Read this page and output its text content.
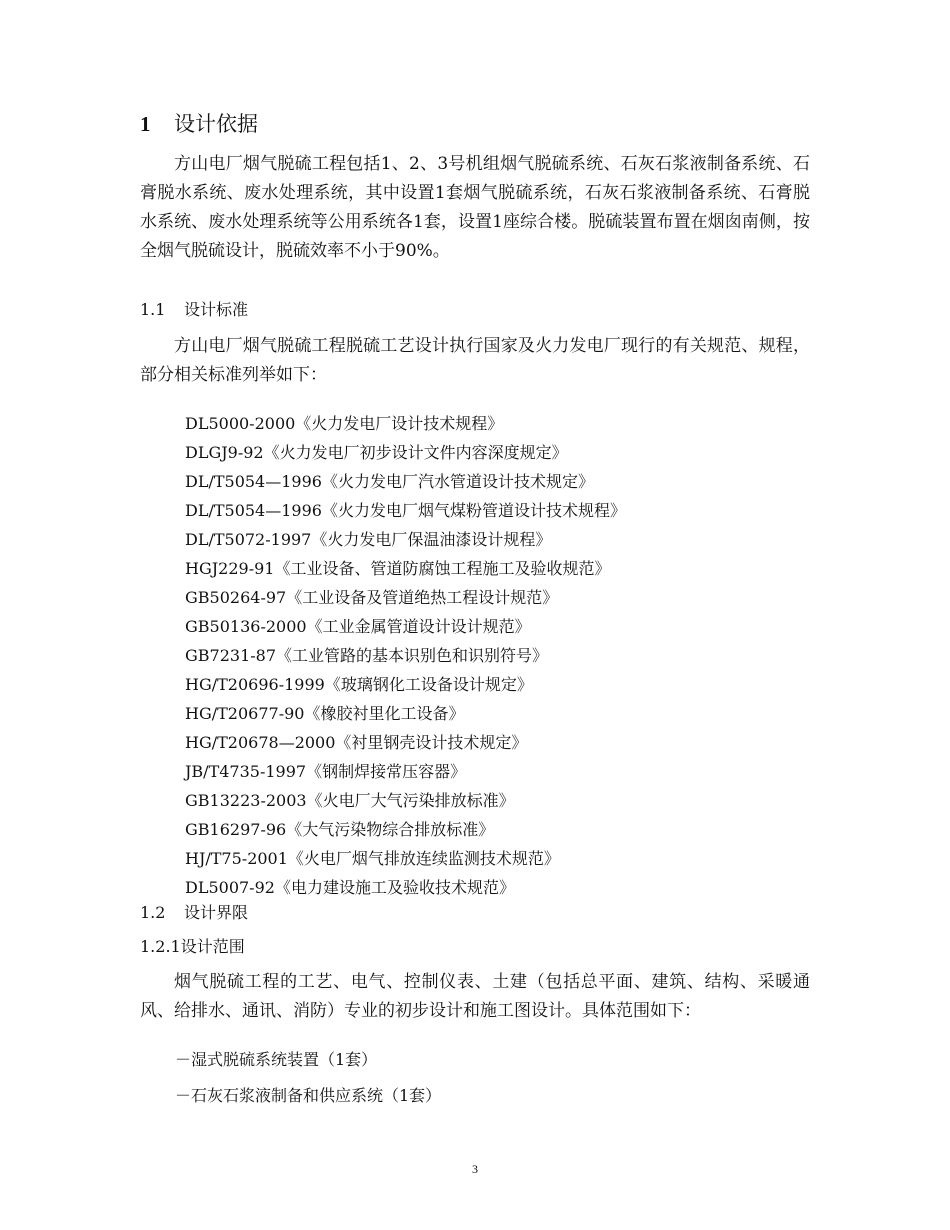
1 设计依据

方山电厂烟气脱硫工程包括1、2、3号机组烟气脱硫系统、石灰石浆液制备系统、石膏脱水系统、废水处理系统，其中设置1套烟气脱硫系统，石灰石浆液制备系统、石膏脱水系统、废水处理系统等公用系统各1套，设置1座综合楼。脱硫装置布置在烟囱南侧，按全烟气脱硫设计，脱硫效率不小于90%。

1.1 设计标准

方山电厂烟气脱硫工程脱硫工艺设计执行国家及火力发电厂现行的有关规范、规程，部分相关标准列举如下：

DL5000-2000《火力发电厂设计技术规程》
DLGJ9-92《火力发电厂初步设计文件内容深度规定》
DL/T5054—1996《火力发电厂汽水管道设计技术规定》
DL/T5054—1996《火力发电厂烟气煤粉管道设计技术规程》
DL/T5072-1997《火力发电厂保温油漆设计规程》
HGJ229-91《工业设备、管道防腐蚀工程施工及验收规范》
GB50264-97《工业设备及管道绝热工程设计规范》
GB50136-2000《工业金属管道设计设计规范》
GB7231-87《工业管路的基本识别色和识别符号》
HG/T20696-1999《玻璃钢化工设备设计规定》
HG/T20677-90《橡胶衬里化工设备》
HG/T20678—2000《衬里钢壳设计技术规定》
JB/T4735-1997《钢制焊接常压容器》
GB13223-2003《火电厂大气污染排放标准》
GB16297-96《大气污染物综合排放标准》
HJ/T75-2001《火电厂烟气排放连续监测技术规范》
DL5007-92《电力建设施工及验收技术规范》
1.2 设计界限
1.2.1设计范围

烟气脱硫工程的工艺、电气、控制仪表、土建（包括总平面、建筑、结构、采暖通风、给排水、通讯、消防）专业的初步设计和施工图设计。具体范围如下：

－湿式脱硫系统装置（1套）
－石灰石浆液制备和供应系统（1套）
3
